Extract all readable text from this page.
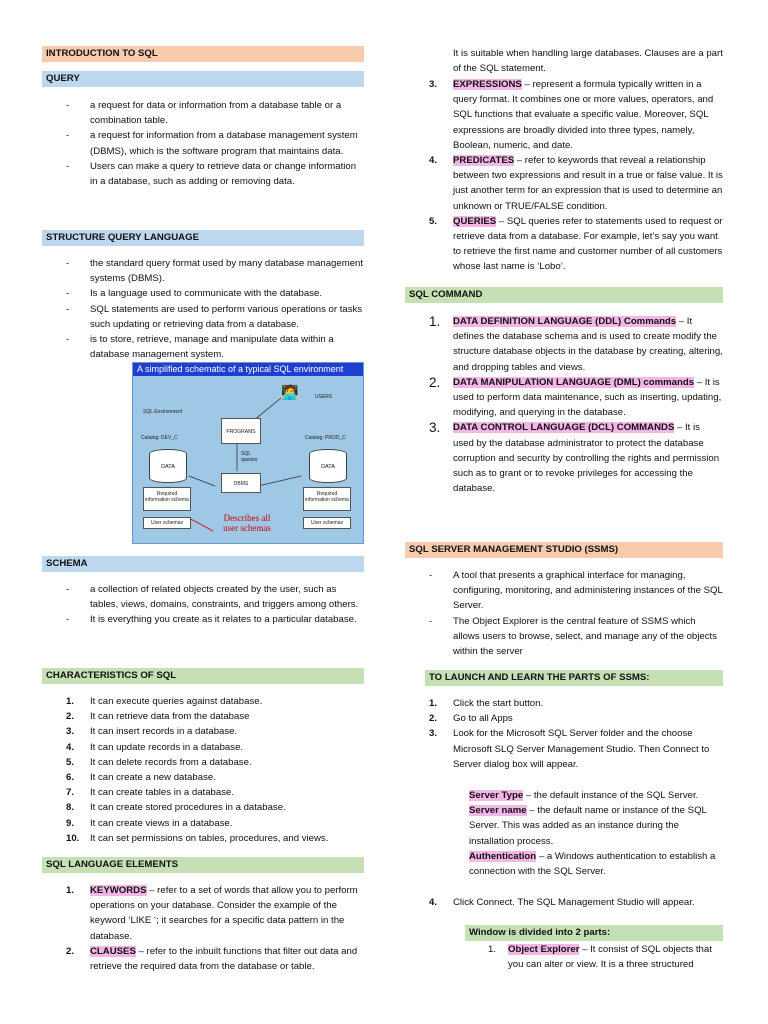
INTRODUCTION TO SQL
QUERY
- a request for data or information from a database table or a combination table.
- a request for information from a database management system (DBMS), which is the software program that maintains data.
- Users can make a query to retrieve data or change information in a database, such as adding or removing data.
STRUCTURE QUERY LANGUAGE
- the standard query format used by many database management systems (DBMS).
- Is a language used to communicate with the database.
- SQL statements are used to perform various operations or tasks such updating or retrieving data from a database.
- is to store, retrieve, manage and manipulate data within a database management system.
A simplified schematic of a typical SQL environment
🧑‍💻	USERS
SQL Environment
Catalog: DEV_C	Catalog: PROD_C
PROGRAMS
SQL queries
DBMS
DATA	DATA
Required information schema
Required information schema
User schemas	User schemas
Describes all user schemas
SCHEMA
- a collection of related objects created by the user, such as tables, views, domains, constraints, and triggers among others.
- It is everything you create as it relates to a particular database.
CHARACTERISTICS OF SQL
1. It can execute queries against database.
2. It can retrieve data from the database
3. It can insert records in a database.
4. It can update records in a database.
5. It can delete records from a database.
6. It can create a new database.
7. It can create tables in a database.
8. It can create stored procedures in a database.
9. It can create views in a database.
10. It can set permissions on tables, procedures, and views.
SQL LANGUAGE ELEMENTS
1. KEYWORDS – refer to a set of words that allow you to perform operations on your database. Consider the example of the keyword ‘LIKE ‘; it searches for a specific data pattern in the database.
2. CLAUSES – refer to the inbuilt functions that filter out data and retrieve the required data from the database or table.
It is suitable when handling large databases. Clauses are a part of the SQL statement.
3. EXPRESSIONS – represent a formula typically written in a query format. It combines one or more values, operators, and SQL functions that evaluate a specific value. Moreover, SQL expressions are broadly divided into three types, namely, Boolean, numeric, and date.
4. PREDICATES – refer to keywords that reveal a relationship between two expressions and result in a true or false value. It is just another term for an expression that is used to determine an unknown or TRUE/FALSE condition.
5. QUERIES – SQL queries refer to statements used to request or retrieve data from a database. For example, let’s say you want to retrieve the first name and customer number of all customers whose last name is ‘Lobo’.
SQL COMMAND
1. DATA DEFINITION LANGUAGE (DDL) Commands – It defines the database schema and is used to create modify the structure database objects in the database by creating, altering, and dropping tables and views.
2. DATA MANIPULATION LANGUAGE (DML) commands – It is used to perform data maintenance, such as inserting, updating, modifying, and querying in the database.
3. DATA CONTROL LANGUAGE (DCL) COMMANDS – It is used by the database administrator to protect the database corruption and security by controlling the rights and permission such as to grant or to revoke privileges for accessing the database.
SQL SERVER MANAGEMENT STUDIO (SSMS)
- A tool that presents a graphical interface for managing, configuring, monitoring, and administering instances of the SQL Server.
- The Object Explorer is the central feature of SSMS which allows users to browse, select, and manage any of the objects within the server
TO LAUNCH AND LEARN THE PARTS OF SSMS:
1. Click the start button.
2. Go to all Apps
3. Look for the Microsoft SQL Server folder and the choose Microsoft SLQ Server Management Studio. Then Connect to Server dialog box will appear.
Server Type – the default instance of the SQL Server.
Server name – the default name or instance of the SQL Server. This was added as an instance during the installation process.
Authentication – a Windows authentication to establish a connection with the SQL Server.
4. Click Connect. The SQL Management Studio will appear.
Window is divided into 2 parts:
1. Object Explorer – It consist of SQL objects that you can alter or view. It is a three structured
